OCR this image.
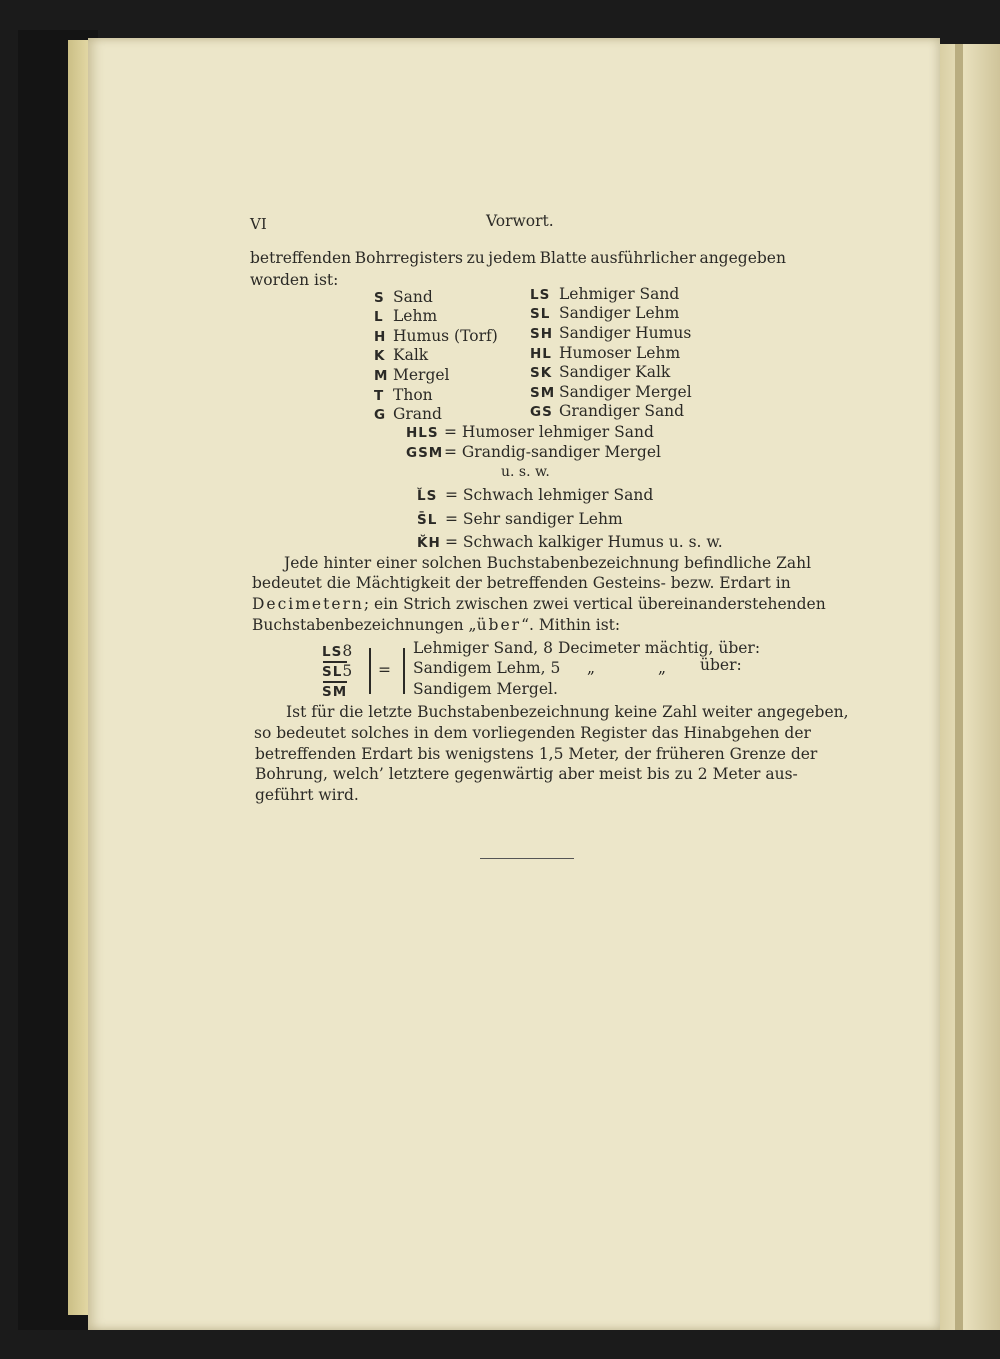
VI	Vorwort.
betreffenden Bohrregisters zu jedem Blatte ausführlicher angegeben
worden ist:
S Sand
L Lehm
H Humus (Torf)
K Kalk
M Mergel
T Thon
G Grand
LS Lehmiger Sand
SL Sandiger Lehm
SH Sandiger Humus
HL Humoser Lehm
SK Sandiger Kalk
SM Sandiger Mergel
GS Grandiger Sand
HLS = Humoser lehmiger Sand
GSM= Grandig-sandiger Mergel
u. s. w.
L̆S = Schwach lehmiger Sand
S̄L = Sehr sandiger Lehm
K̆H = Schwach kalkiger Humus u. s. w.
Jede hinter einer solchen Buchstabenbezeichnung befindliche Zahl
bedeutet die Mächtigkeit der betreffenden Gesteins- bezw. Erdart in
Decimetern; ein Strich zwischen zwei vertical übereinanderstehenden
Buchstabenbezeichnungen „über“. Mithin ist:
LS8
SL5
SM
=
Lehmiger Sand, 8 Decimeter mächtig, über:
Sandigem Lehm, 5 „	„ über:
Sandigem Mergel.
Ist für die letzte Buchstabenbezeichnung keine Zahl weiter angegeben,
so bedeutet solches in dem vorliegenden Register das Hinabgehen der
betreffenden Erdart bis wenigstens 1,5 Meter, der früheren Grenze der
Bohrung, welch’ letztere gegenwärtig aber meist bis zu 2 Meter aus-
geführt wird.
